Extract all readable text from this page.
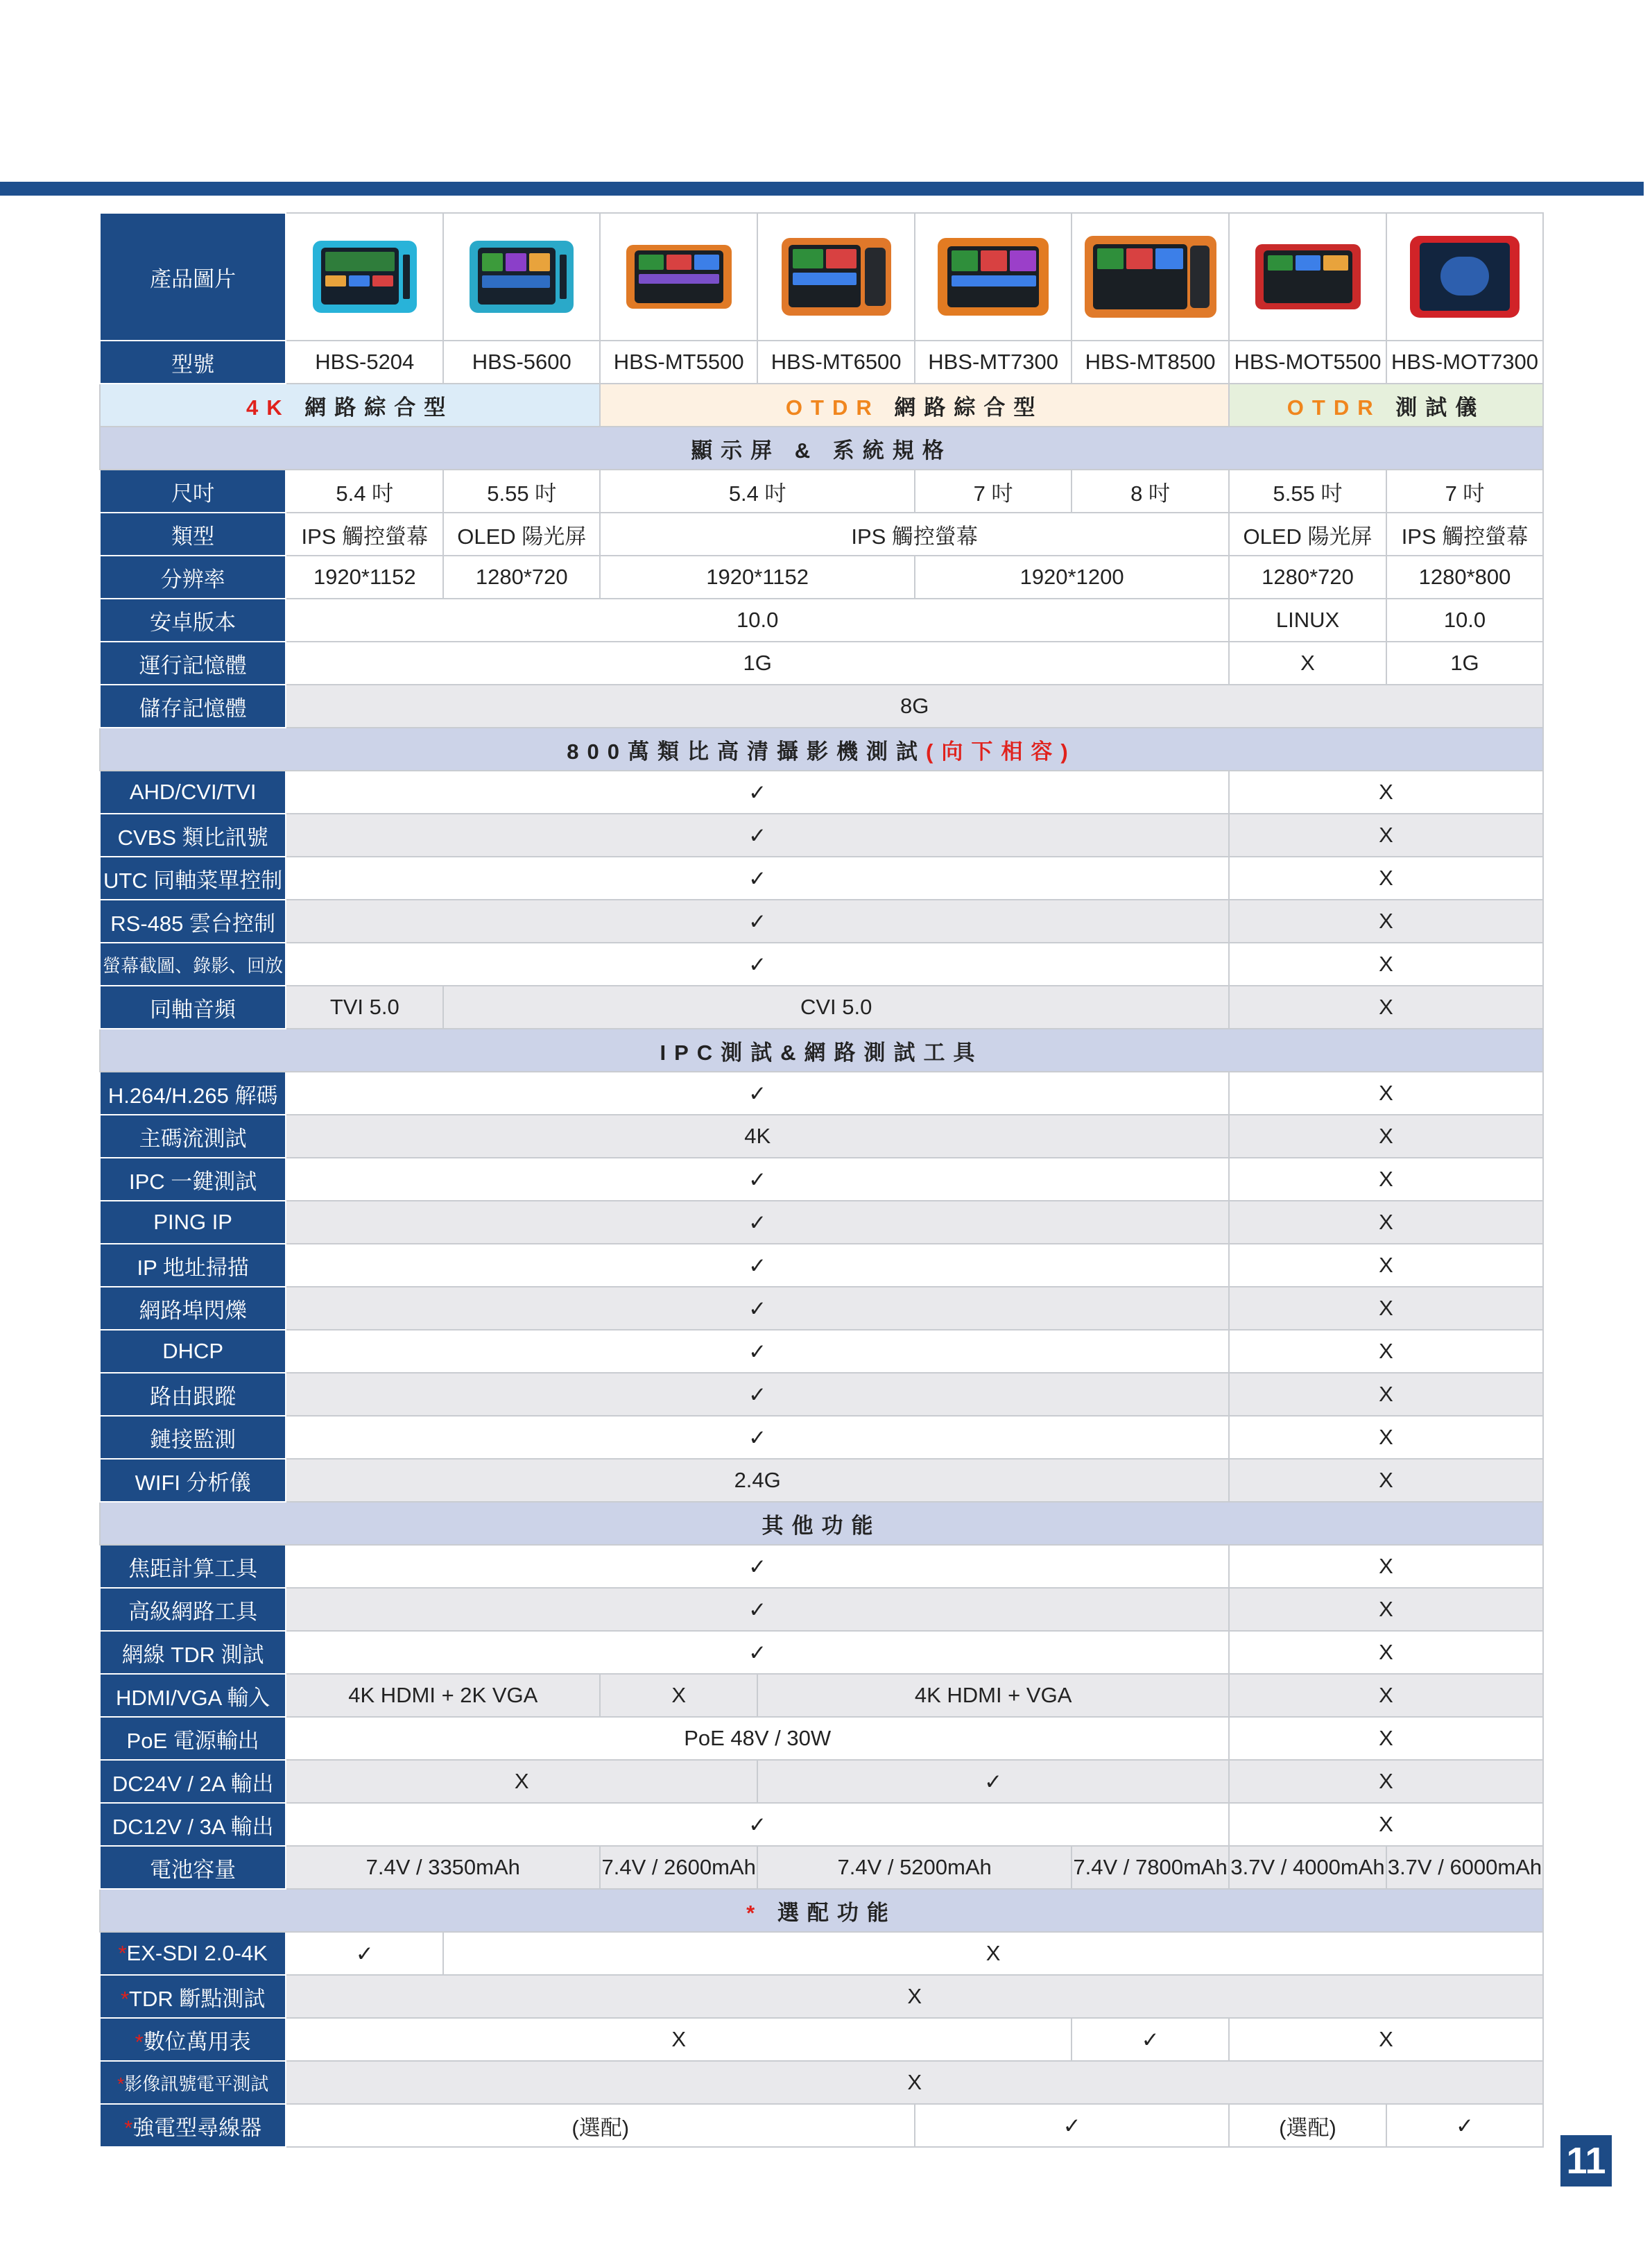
產品圖片	

型號	HBS-5204	HBS-5600	HBS-MT5500	HBS-MT6500	HBS-MT7300	HBS-MT8500	HBS-MOT5500	HBS-MOT7300
4K 網路綜合型			OTDR 網路綜合型				OTDR 測試儀	
顯示屏 & 系統規格								
尺吋	5.4 吋	5.55 吋	5.4 吋		7 吋	8 吋	5.55 吋	7 吋
類型	IPS 觸控螢幕	OLED 陽光屏	IPS 觸控螢幕				OLED 陽光屏	IPS 觸控螢幕
分辨率	1920*1152	1280*720	1920*1152		1920*1200		1280*720	1280*800
安卓版本	10.0						LINUX	10.0
運行記憶體	1G						X	1G
儲存記憶體	8G							
800萬類比高清攝影機測試(向下相容)								
AHD/CVI/TVI	✓						X	
CVBS 類比訊號	✓						X	
UTC 同軸菜單控制	✓						X	
RS-485 雲台控制	✓						X	
螢幕截圖、錄影、回放	✓						X	
同軸音頻	TVI 5.0	CVI 5.0					X	
IPC測試&網路測試工具								
H.264/H.265 解碼	✓						X	
主碼流測試	4K						X	
IPC 一鍵測試	✓						X	
PING IP	✓						X	
IP 地址掃描	✓						X	
網路埠閃爍	✓						X	
DHCP	✓						X	
路由跟蹤	✓						X	
鏈接監測	✓						X	
WIFI 分析儀	2.4G						X	
其他功能								
焦距計算工具	✓						X	
高級網路工具	✓						X	
網線 TDR 測試	✓						X	
HDMI/VGA 輸入	4K HDMI + 2K VGA		X	4K HDMI + VGA			X	
PoE 電源輸出	PoE 48V / 30W						X	
DC24V / 2A 輸出	X			✓			X	
DC12V / 3A 輸出	✓						X	
電池容量	7.4V / 3350mAh		7.4V / 2600mAh	7.4V / 5200mAh		7.4V / 7800mAh	3.7V / 4000mAh	3.7V / 6000mAh
* 選配功能								
*EX-SDI 2.0-4K	✓	X						
*TDR 斷點測試	X							
*數位萬用表	X					✓	X	
*影像訊號電平測試	X							
*強電型尋線器	(選配)				✓		(選配)	✓
11
